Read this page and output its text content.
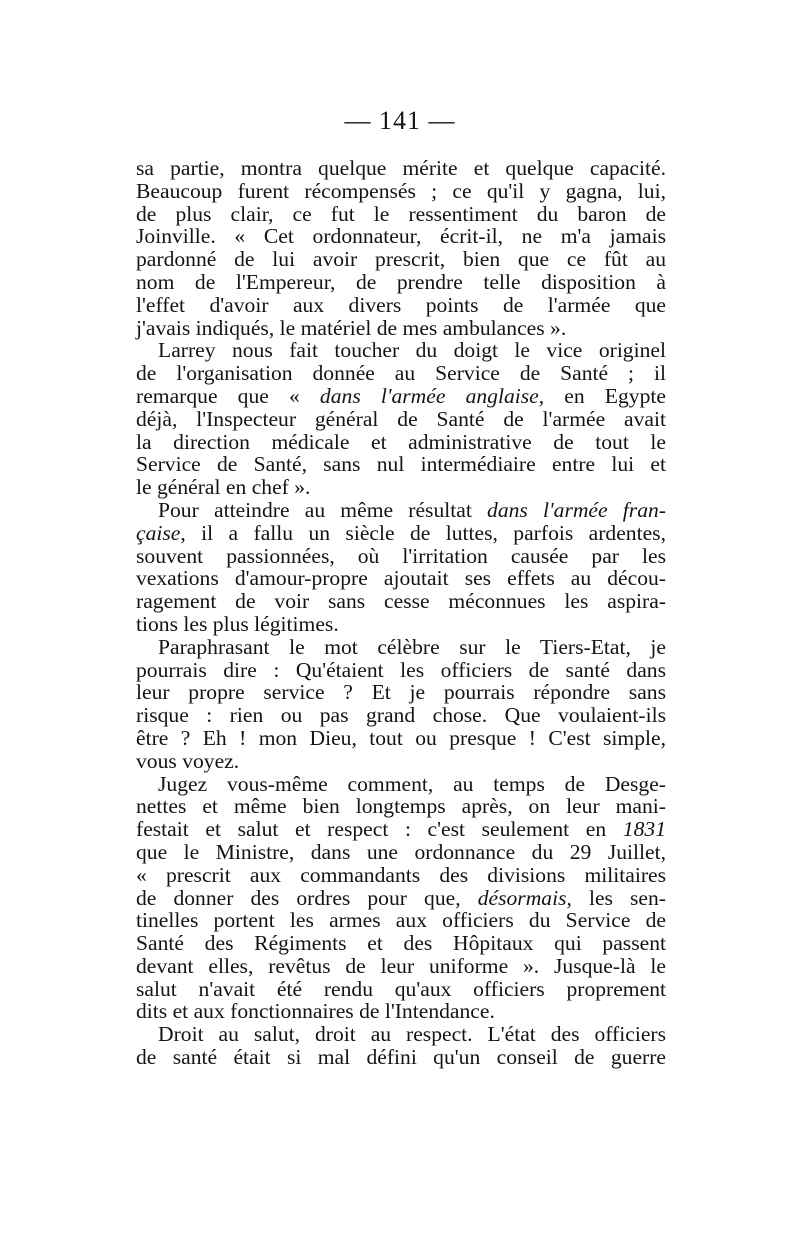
— 141 —
sa partie, montra quelque mérite et quelque capacité.
Beaucoup furent récompensés ; ce qu'il y gagna, lui,
de plus clair, ce fut le ressentiment du baron de
Joinville. « Cet ordonnateur, écrit-il, ne m'a jamais
pardonné de lui avoir prescrit, bien que ce fût au
nom de l'Empereur, de prendre telle disposition à
l'effet d'avoir aux divers points de l'armée que
j'avais indiqués, le matériel de mes ambulances ».
Larrey nous fait toucher du doigt le vice originel
de l'organisation donnée au Service de Santé ; il
remarque que « dans l'armée anglaise, en Egypte
déjà, l'Inspecteur général de Santé de l'armée avait
la direction médicale et administrative de tout le
Service de Santé, sans nul intermédiaire entre lui et
le général en chef ».
Pour atteindre au même résultat dans l'armée fran-
çaise, il a fallu un siècle de luttes, parfois ardentes,
souvent passionnées, où l'irritation causée par les
vexations d'amour-propre ajoutait ses effets au décou-
ragement de voir sans cesse méconnues les aspira-
tions les plus légitimes.
Paraphrasant le mot célèbre sur le Tiers-Etat, je
pourrais dire : Qu'étaient les officiers de santé dans
leur propre service ? Et je pourrais répondre sans
risque : rien ou pas grand chose. Que voulaient-ils
être ? Eh ! mon Dieu, tout ou presque ! C'est simple,
vous voyez.
Jugez vous-même comment, au temps de Desge-
nettes et même bien longtemps après, on leur mani-
festait et salut et respect : c'est seulement en 1831
que le Ministre, dans une ordonnance du 29 Juillet,
« prescrit aux commandants des divisions militaires
de donner des ordres pour que, désormais, les sen-
tinelles portent les armes aux officiers du Service de
Santé des Régiments et des Hôpitaux qui passent
devant elles, revêtus de leur uniforme ». Jusque-là le
salut n'avait été rendu qu'aux officiers proprement
dits et aux fonctionnaires de l'Intendance.
Droit au salut, droit au respect. L'état des officiers
de santé était si mal défini qu'un conseil de guerre
